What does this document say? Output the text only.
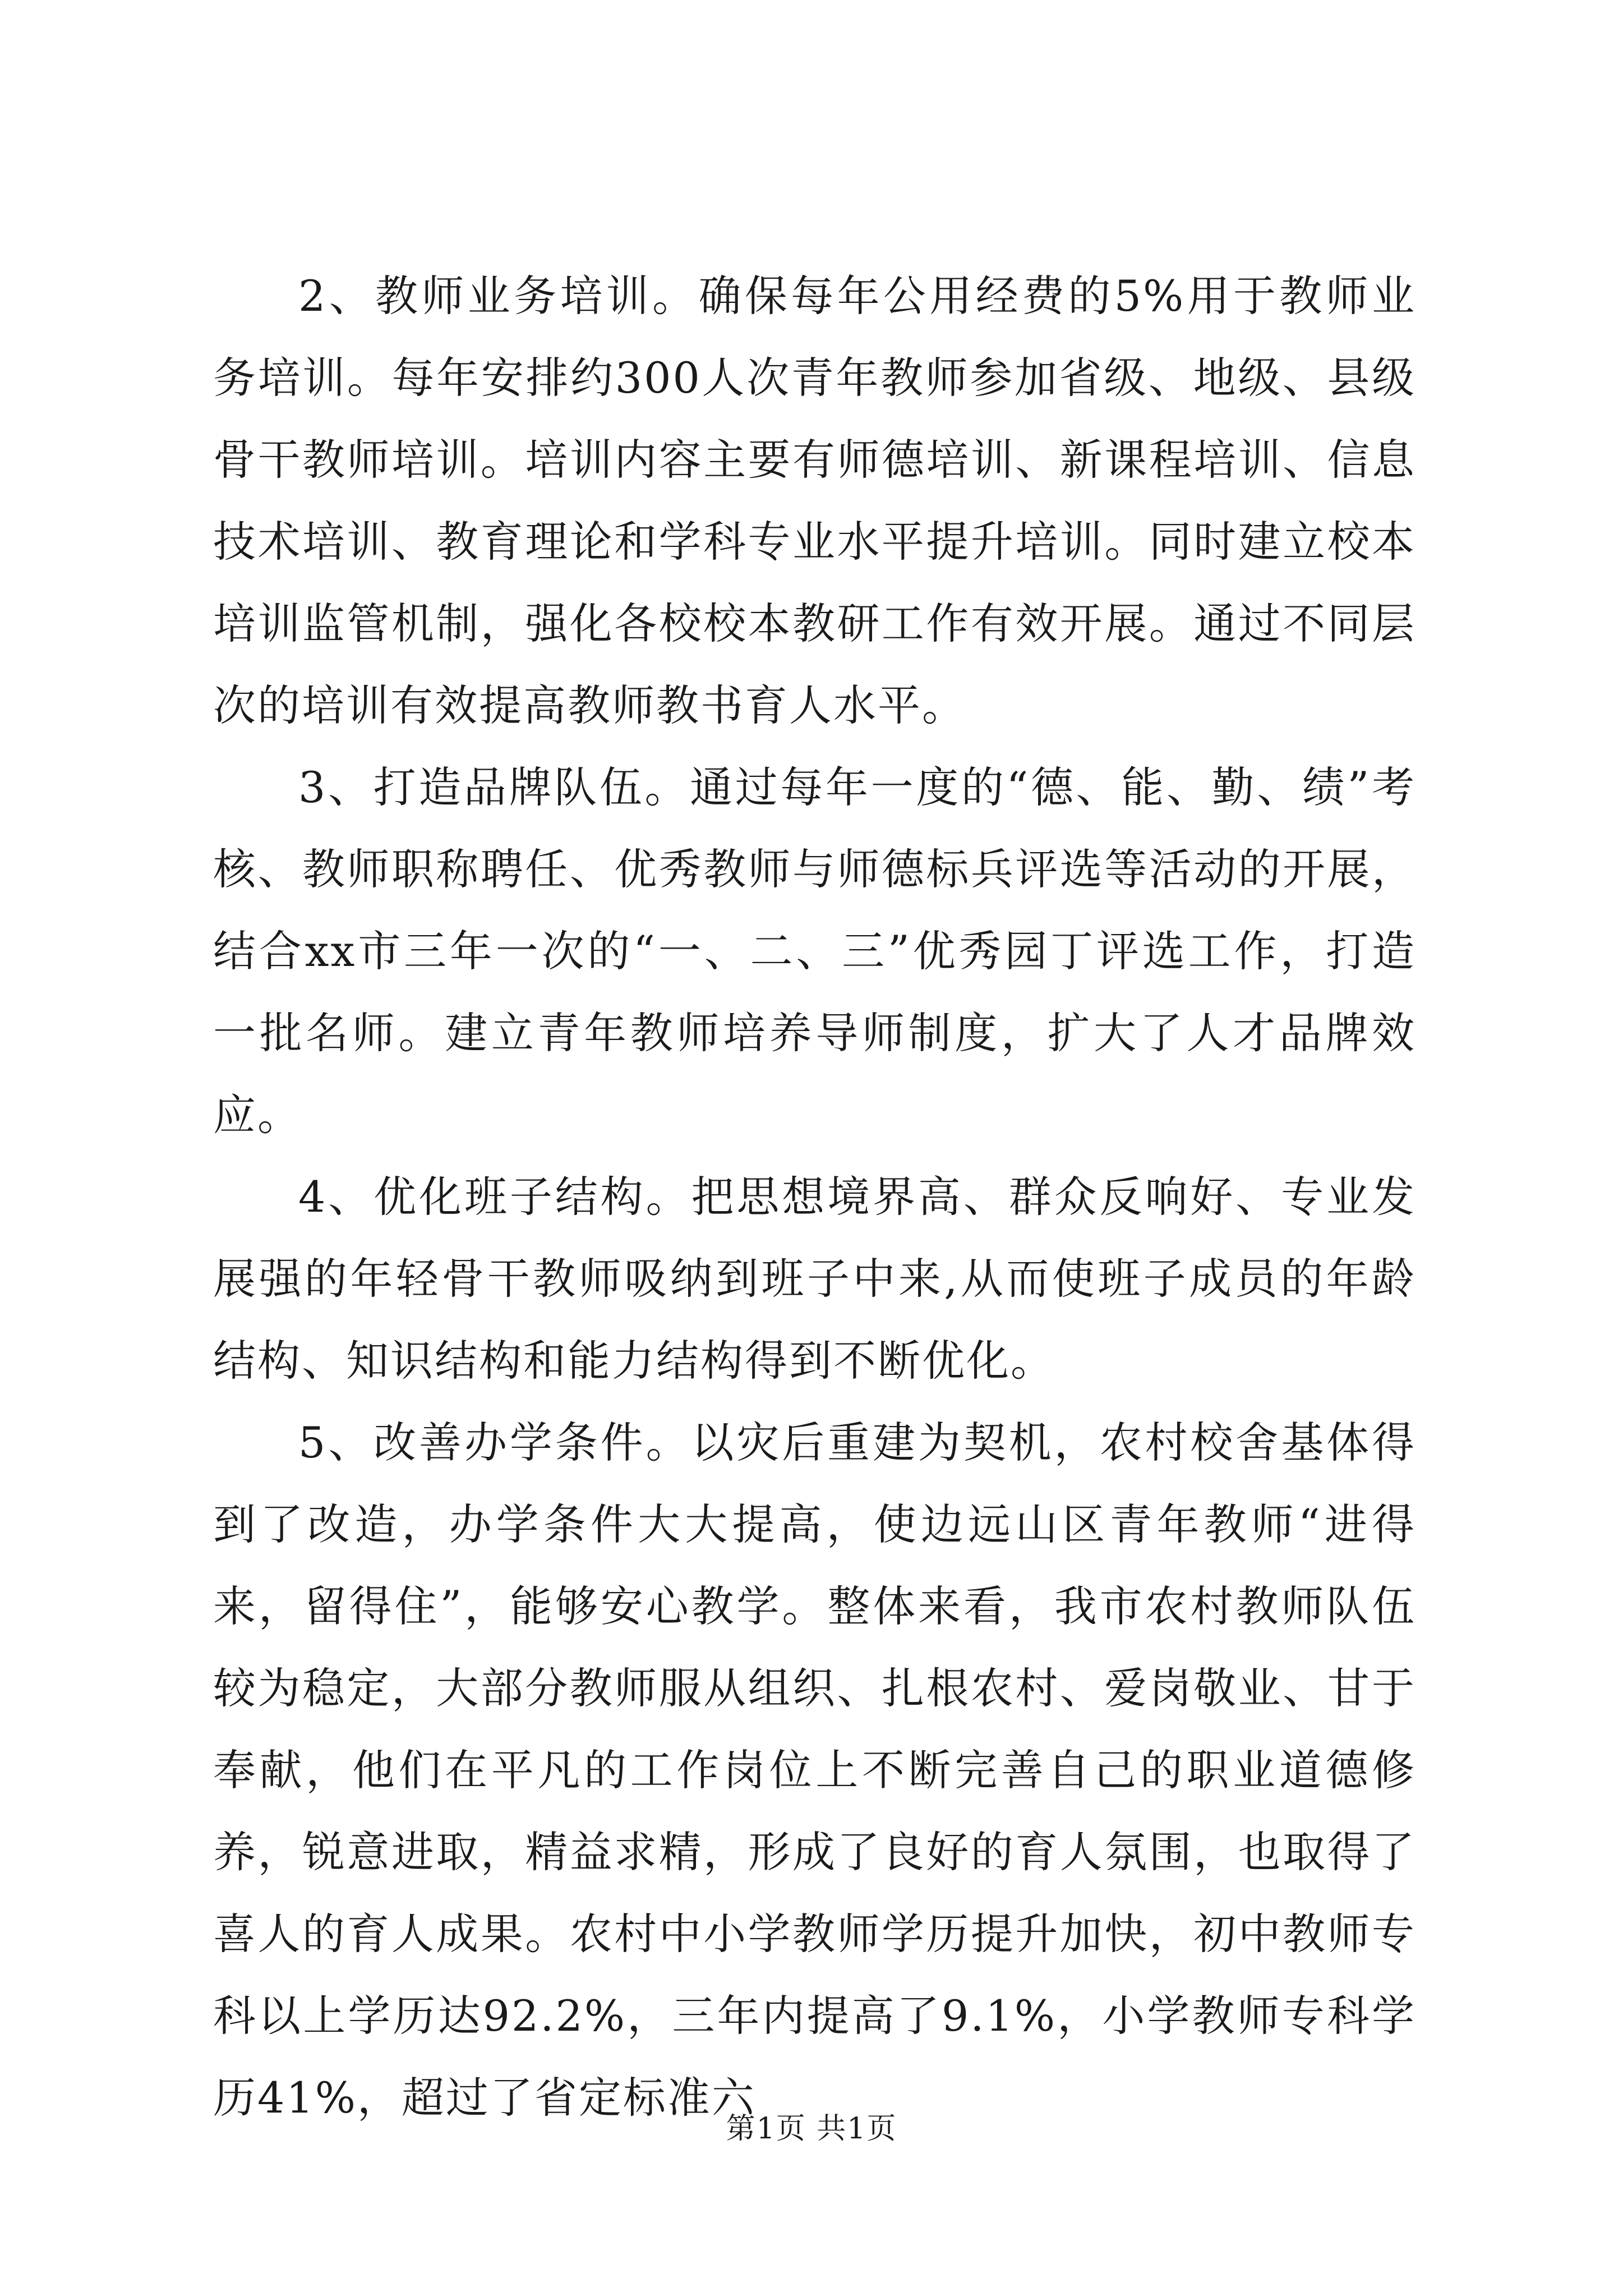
2、教师业务培训。确保每年公用经费的5%用于教师业务培训。每年安排约300人次青年教师参加省级、地级、县级骨干教师培训。培训内容主要有师德培训、新课程培训、信息技术培训、教育理论和学科专业水平提升培训。同时建立校本培训监管机制，强化各校校本教研工作有效开展。通过不同层次的培训有效提高教师教书育人水平。

3、打造品牌队伍。通过每年一度的“德、能、勤、绩”考核、教师职称聘任、优秀教师与师德标兵评选等活动的开展，结合xx市三年一次的“一、二、三”优秀园丁评选工作，打造一批名师。建立青年教师培养导师制度，扩大了人才品牌效应。

4、优化班子结构。把思想境界高、群众反响好、专业发展强的年轻骨干教师吸纳到班子中来,从而使班子成员的年龄结构、知识结构和能力结构得到不断优化。

5、改善办学条件。以灾后重建为契机，农村校舍基体得到了改造，办学条件大大提高，使边远山区青年教师“进得来，留得住”，能够安心教学。整体来看，我市农村教师队伍较为稳定，大部分教师服从组织、扎根农村、爱岗敬业、甘于奉献，他们在平凡的工作岗位上不断完善自己的职业道德修养，锐意进取，精益求精，形成了良好的育人氛围，也取得了喜人的育人成果。农村中小学教师学历提升加快，初中教师专科以上学历达92.2%，三年内提高了9.1%，小学教师专科学历41%，超过了省定标准六

第1页 共1页
